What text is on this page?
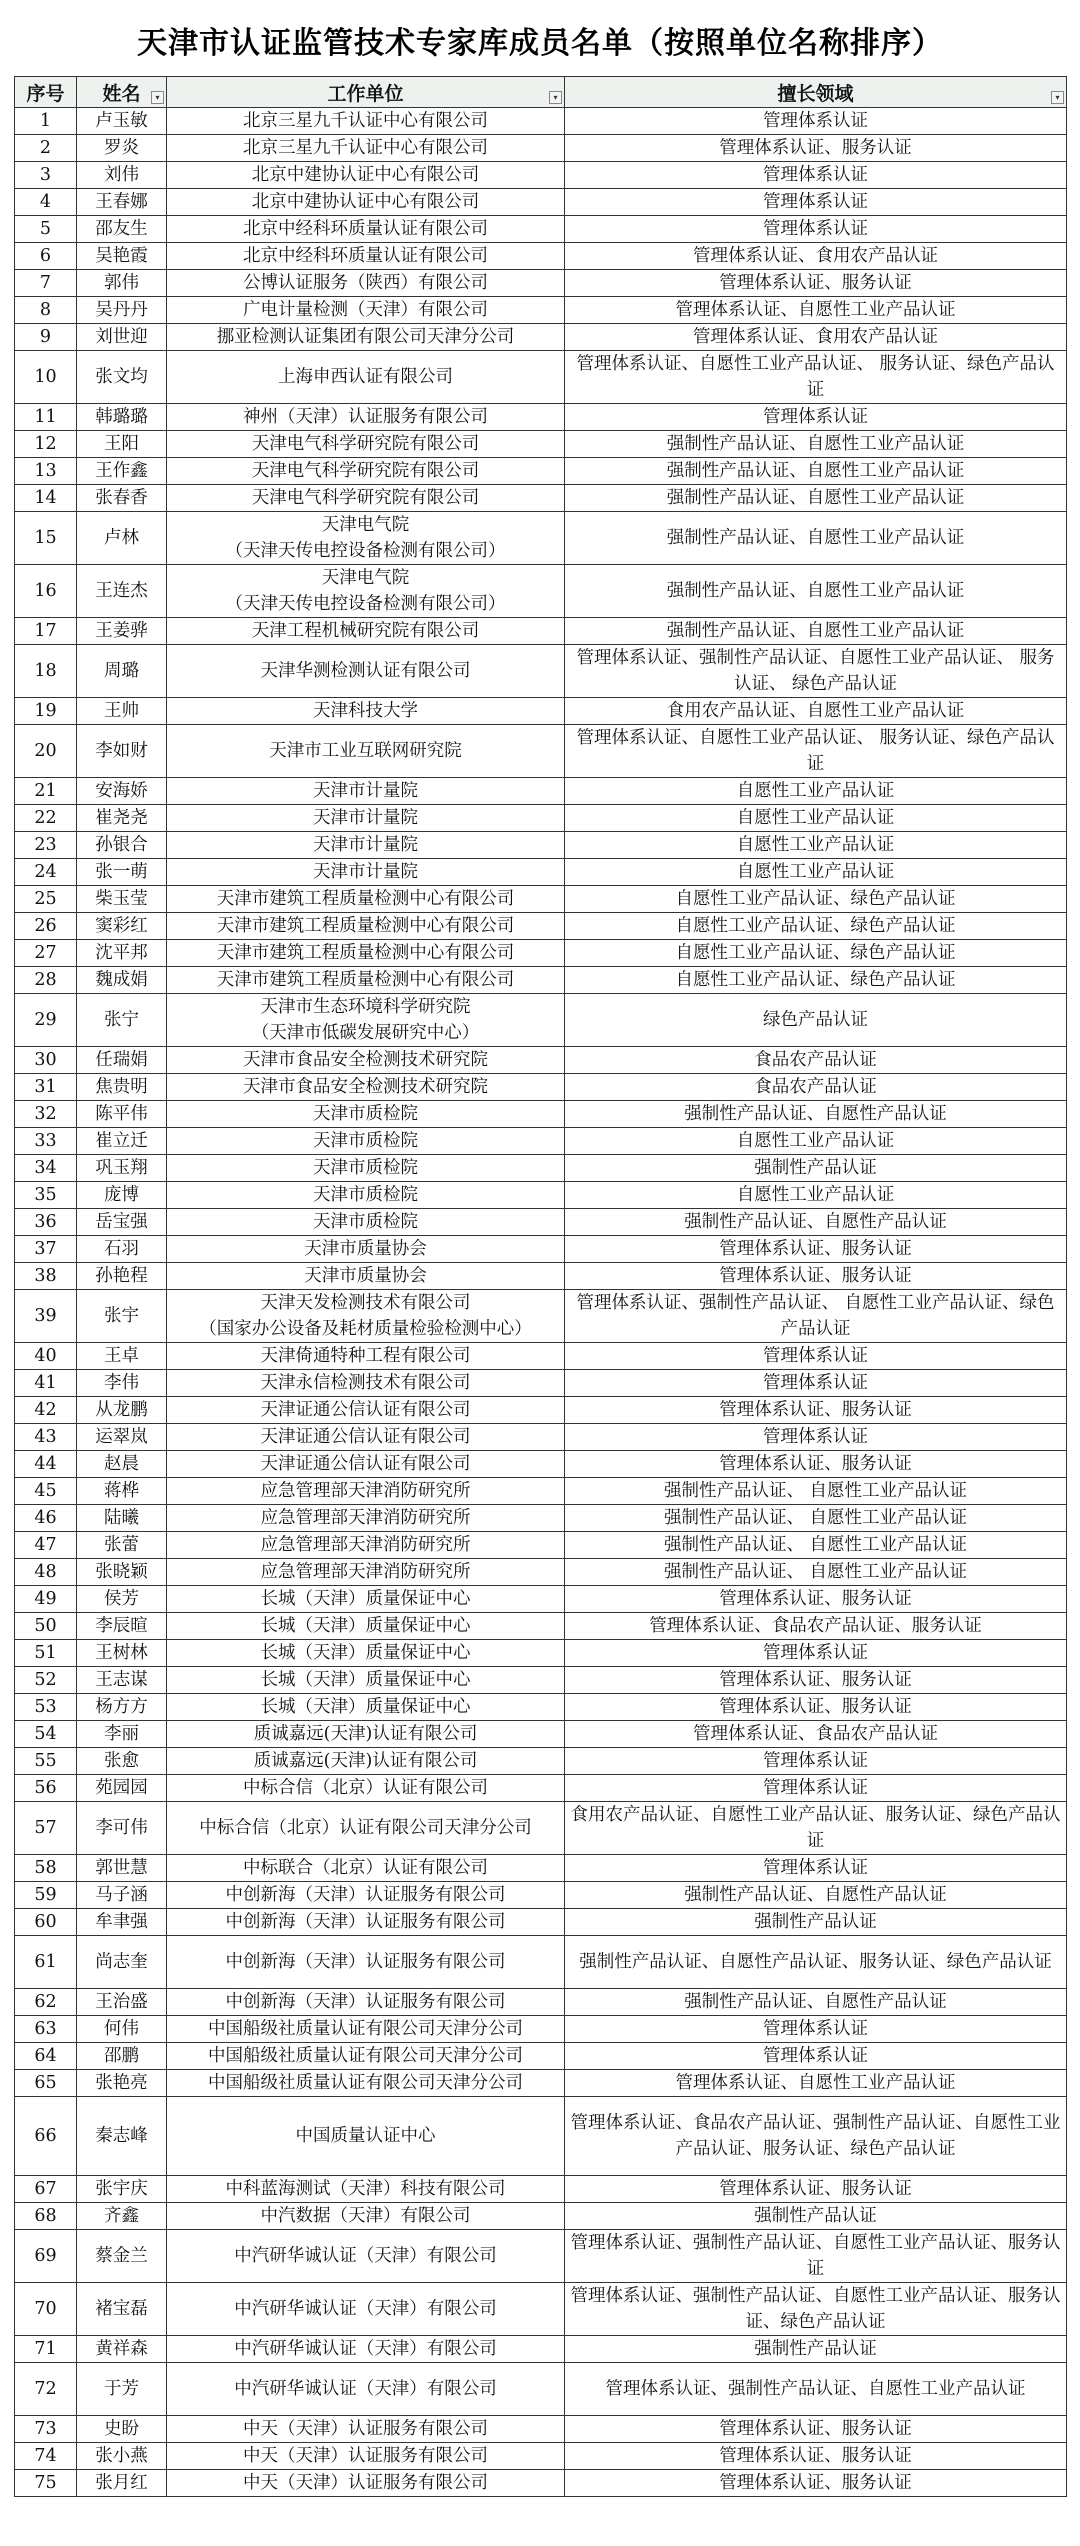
天津市认证监管技术专家库成员名单（按照单位名称排序）
序号	姓名 ▾	工作单位 ▾	擅长领域 ▾

1	卢玉敏	北京三星九千认证中心有限公司	管理体系认证
2	罗炎	北京三星九千认证中心有限公司	管理体系认证、服务认证
3	刘伟	北京中建协认证中心有限公司	管理体系认证
4	王春娜	北京中建协认证中心有限公司	管理体系认证
5	邵友生	北京中经科环质量认证有限公司	管理体系认证
6	吴艳霞	北京中经科环质量认证有限公司	管理体系认证、食用农产品认证
7	郭伟	公博认证服务（陕西）有限公司	管理体系认证、服务认证
8	吴丹丹	广电计量检测（天津）有限公司	管理体系认证、自愿性工业产品认证
9	刘世迎	挪亚检测认证集团有限公司天津分公司	管理体系认证、食用农产品认证
10	张文均	上海申西认证有限公司	管理体系认证、自愿性工业产品认证、 服务认证、绿色产品认证
11	韩璐璐	神州（天津）认证服务有限公司	管理体系认证
12	王阳	天津电气科学研究院有限公司	强制性产品认证、自愿性工业产品认证
13	王作鑫	天津电气科学研究院有限公司	强制性产品认证、自愿性工业产品认证
14	张春香	天津电气科学研究院有限公司	强制性产品认证、自愿性工业产品认证
15	卢林	天津电气院
（天津天传电控设备检测有限公司）	强制性产品认证、自愿性工业产品认证
16	王连杰	天津电气院
（天津天传电控设备检测有限公司）	强制性产品认证、自愿性工业产品认证
17	王姜骅	天津工程机械研究院有限公司	强制性产品认证、自愿性工业产品认证
18	周璐	天津华测检测认证有限公司	管理体系认证、强制性产品认证、自愿性工业产品认证、 服务认证、 绿色产品认证
19	王帅	天津科技大学	食用农产品认证、自愿性工业产品认证
20	李如财	天津市工业互联网研究院	管理体系认证、自愿性工业产品认证、 服务认证、绿色产品认证
21	安海娇	天津市计量院	自愿性工业产品认证
22	崔尧尧	天津市计量院	自愿性工业产品认证
23	孙银合	天津市计量院	自愿性工业产品认证
24	张一萌	天津市计量院	自愿性工业产品认证
25	柴玉莹	天津市建筑工程质量检测中心有限公司	自愿性工业产品认证、绿色产品认证
26	窦彩红	天津市建筑工程质量检测中心有限公司	自愿性工业产品认证、绿色产品认证
27	沈平邦	天津市建筑工程质量检测中心有限公司	自愿性工业产品认证、绿色产品认证
28	魏成娟	天津市建筑工程质量检测中心有限公司	自愿性工业产品认证、绿色产品认证
29	张宁	天津市生态环境科学研究院
（天津市低碳发展研究中心）	绿色产品认证
30	任瑞娟	天津市食品安全检测技术研究院	食品农产品认证
31	焦贵明	天津市食品安全检测技术研究院	食品农产品认证
32	陈平伟	天津市质检院	强制性产品认证、自愿性产品认证
33	崔立迁	天津市质检院	自愿性工业产品认证
34	巩玉翔	天津市质检院	强制性产品认证
35	庞博	天津市质检院	自愿性工业产品认证
36	岳宝强	天津市质检院	强制性产品认证、自愿性产品认证
37	石羽	天津市质量协会	管理体系认证、服务认证
38	孙艳程	天津市质量协会	管理体系认证、服务认证
39	张宇	天津天发检测技术有限公司
（国家办公设备及耗材质量检验检测中心）	管理体系认证、强制性产品认证、 自愿性工业产品认证、绿色产品认证
40	王卓	天津倚通特种工程有限公司	管理体系认证
41	李伟	天津永信检测技术有限公司	管理体系认证
42	从龙鹏	天津证通公信认证有限公司	管理体系认证、服务认证
43	运翠岚	天津证通公信认证有限公司	管理体系认证
44	赵晨	天津证通公信认证有限公司	管理体系认证、服务认证
45	蒋桦	应急管理部天津消防研究所	强制性产品认证、 自愿性工业产品认证
46	陆曦	应急管理部天津消防研究所	强制性产品认证、 自愿性工业产品认证
47	张蕾	应急管理部天津消防研究所	强制性产品认证、 自愿性工业产品认证
48	张晓颖	应急管理部天津消防研究所	强制性产品认证、 自愿性工业产品认证
49	侯芳	长城（天津）质量保证中心	管理体系认证、服务认证
50	李辰暄	长城（天津）质量保证中心	管理体系认证、食品农产品认证、服务认证
51	王树林	长城（天津）质量保证中心	管理体系认证
52	王志谋	长城（天津）质量保证中心	管理体系认证、服务认证
53	杨方方	长城（天津）质量保证中心	管理体系认证、服务认证
54	李丽	质诚嘉远(天津)认证有限公司	管理体系认证、食品农产品认证
55	张愈	质诚嘉远(天津)认证有限公司	管理体系认证
56	苑园园	中标合信（北京）认证有限公司	管理体系认证
57	李可伟	中标合信（北京）认证有限公司天津分公司	食用农产品认证、自愿性工业产品认证、服务认证、绿色产品认证
58	郭世慧	中标联合（北京）认证有限公司	管理体系认证
59	马子涵	中创新海（天津）认证服务有限公司	强制性产品认证、自愿性产品认证
60	牟聿强	中创新海（天津）认证服务有限公司	强制性产品认证
61	尚志奎	中创新海（天津）认证服务有限公司	强制性产品认证、自愿性产品认证、服务认证、绿色产品认证
62	王治盛	中创新海（天津）认证服务有限公司	强制性产品认证、自愿性产品认证
63	何伟	中国船级社质量认证有限公司天津分公司	管理体系认证
64	邵鹏	中国船级社质量认证有限公司天津分公司	管理体系认证
65	张艳亮	中国船级社质量认证有限公司天津分公司	管理体系认证、自愿性工业产品认证
66	秦志峰	中国质量认证中心	管理体系认证、食品农产品认证、强制性产品认证、自愿性工业产品认证、服务认证、绿色产品认证
67	张宇庆	中科蓝海测试（天津）科技有限公司	管理体系认证、服务认证
68	齐鑫	中汽数据（天津）有限公司	强制性产品认证
69	蔡金兰	中汽研华诚认证（天津）有限公司	管理体系认证、强制性产品认证、自愿性工业产品认证、服务认证
70	褚宝磊	中汽研华诚认证（天津）有限公司	管理体系认证、强制性产品认证、自愿性工业产品认证、服务认证、绿色产品认证
71	黄祥森	中汽研华诚认证（天津）有限公司	强制性产品认证
72	于芳	中汽研华诚认证（天津）有限公司	管理体系认证、强制性产品认证、自愿性工业产品认证
73	史盼	中天（天津）认证服务有限公司	管理体系认证、服务认证
74	张小燕	中天（天津）认证服务有限公司	管理体系认证、服务认证
75	张月红	中天（天津）认证服务有限公司	管理体系认证、服务认证
